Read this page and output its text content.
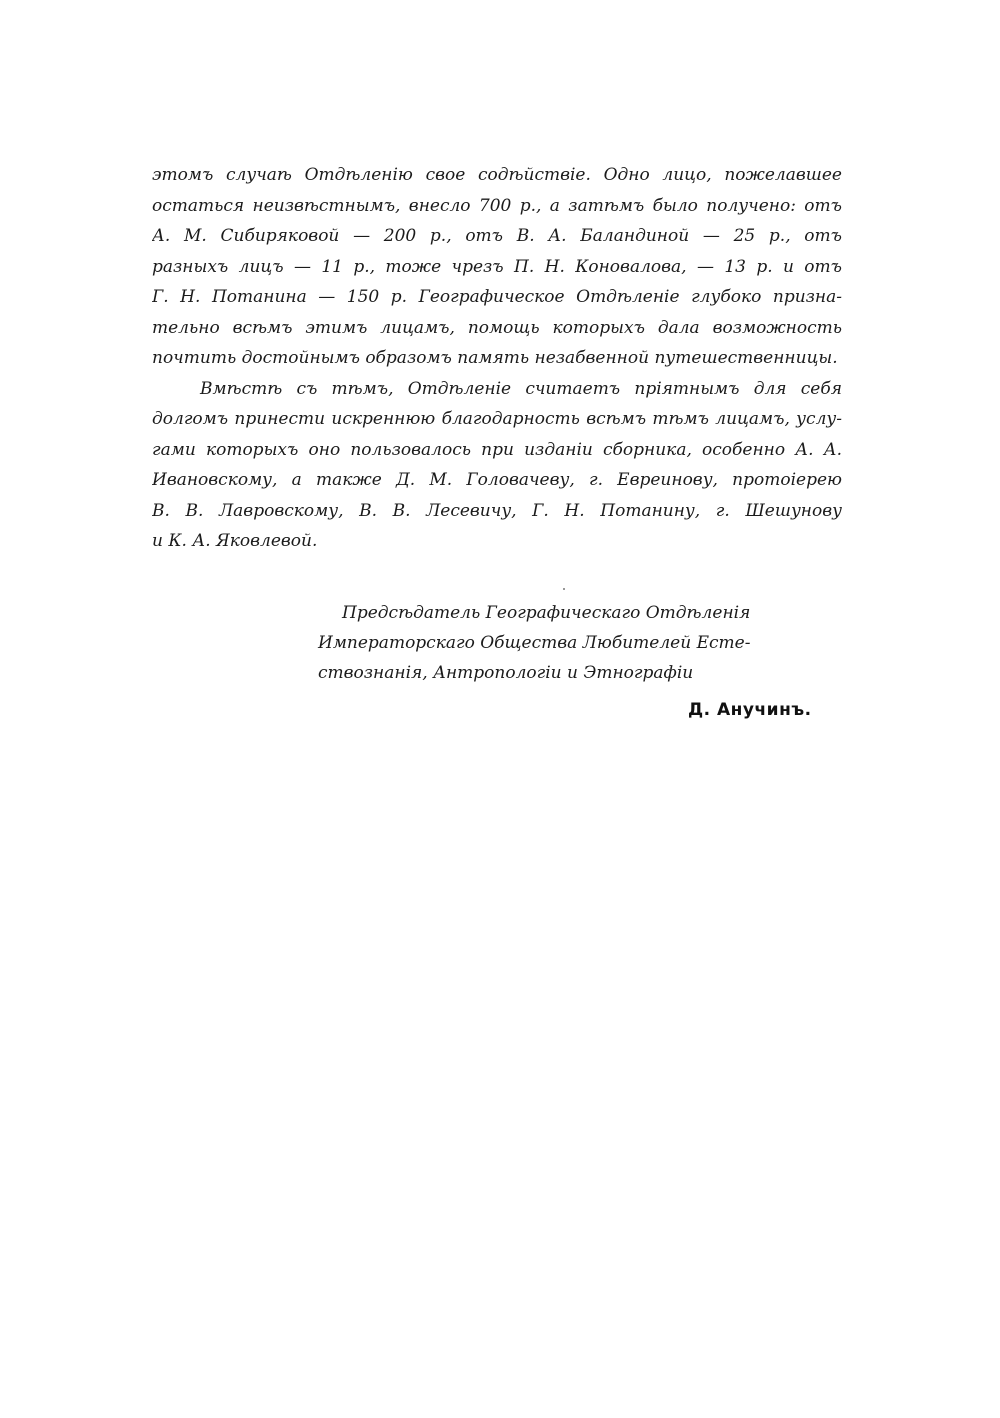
этомъ случаѣ Отдѣленію свое содѣйствіе. Одно лицо, пожелавшее
остаться неизвѣстнымъ, внесло 700 р., а затѣмъ было получено: отъ
А. М. Сибиряковой — 200 р., отъ В. А. Баландиной — 25 р., отъ
разныхъ лицъ — 11 р., тоже чрезъ П. Н. Коновалова, — 13 р. и отъ
Г. Н. Потанина — 150 р. Географическое Отдѣленіе глубоко призна-
тельно всѣмъ этимъ лицамъ, помощь которыхъ дала возможность
почтить достойнымъ образомъ память незабвенной путешественницы.
Вмѣстѣ съ тѣмъ, Отдѣленіе считаетъ пріятнымъ для себя
долгомъ принести искреннюю благодарность всѣмъ тѣмъ лицамъ, услу-
гами которыхъ оно пользовалось при изданіи сборника, особенно А. А.
Ивановскому, а также Д. М. Головачеву, г. Евреинову, протоіерею
В. В. Лавровскому, В. В. Лесевичу, Г. Н. Потанину, г. Шешунову
и К. А. Яковлевой.
Предсѣдатель Географическаго Отдѣленія
Императорскаго Общества Любителей Есте-
ствознанія, Антропологіи и Этнографіи
Д. Анучинъ.
